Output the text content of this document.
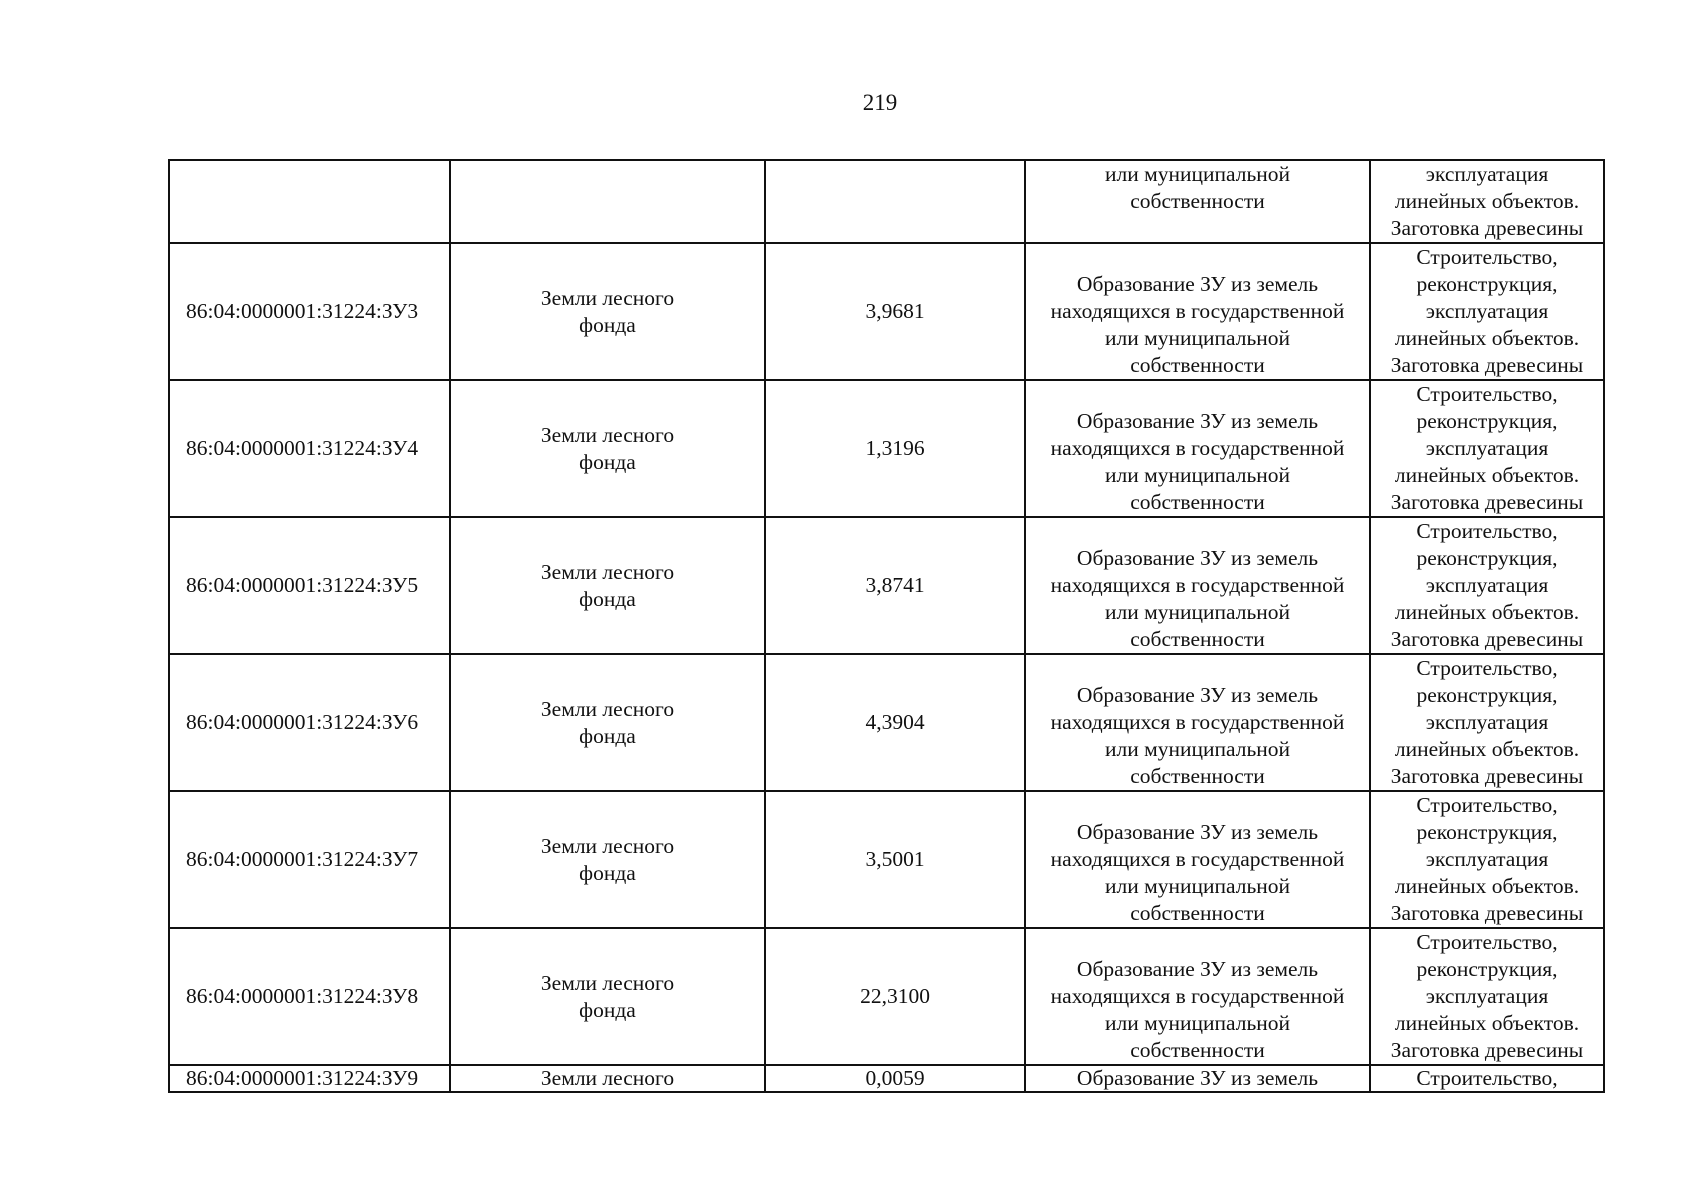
219

			или муниципальной
собственности	эксплуатация
линейных объектов.
Заготовка древесины

86:04:0000001:31224:ЗУ3	Земли лесного
фонда	3,9681	Образование ЗУ из земель
находящихся в государственной
или муниципальной
собственности	Строительство,
реконструкция,
эксплуатация
линейных объектов.
Заготовка древесины

86:04:0000001:31224:ЗУ4	Земли лесного
фонда	1,3196	Образование ЗУ из земель
находящихся в государственной
или муниципальной
собственности	Строительство,
реконструкция,
эксплуатация
линейных объектов.
Заготовка древесины

86:04:0000001:31224:ЗУ5	Земли лесного
фонда	3,8741	Образование ЗУ из земель
находящихся в государственной
или муниципальной
собственности	Строительство,
реконструкция,
эксплуатация
линейных объектов.
Заготовка древесины

86:04:0000001:31224:ЗУ6	Земли лесного
фонда	4,3904	Образование ЗУ из земель
находящихся в государственной
или муниципальной
собственности	Строительство,
реконструкция,
эксплуатация
линейных объектов.
Заготовка древесины

86:04:0000001:31224:ЗУ7	Земли лесного
фонда	3,5001	Образование ЗУ из земель
находящихся в государственной
или муниципальной
собственности	Строительство,
реконструкция,
эксплуатация
линейных объектов.
Заготовка древесины

86:04:0000001:31224:ЗУ8	Земли лесного
фонда	22,3100	Образование ЗУ из земель
находящихся в государственной
или муниципальной
собственности	Строительство,
реконструкция,
эксплуатация
линейных объектов.
Заготовка древесины

86:04:0000001:31224:ЗУ9	Земли лесного	0,0059	Образование ЗУ из земель	Строительство,
